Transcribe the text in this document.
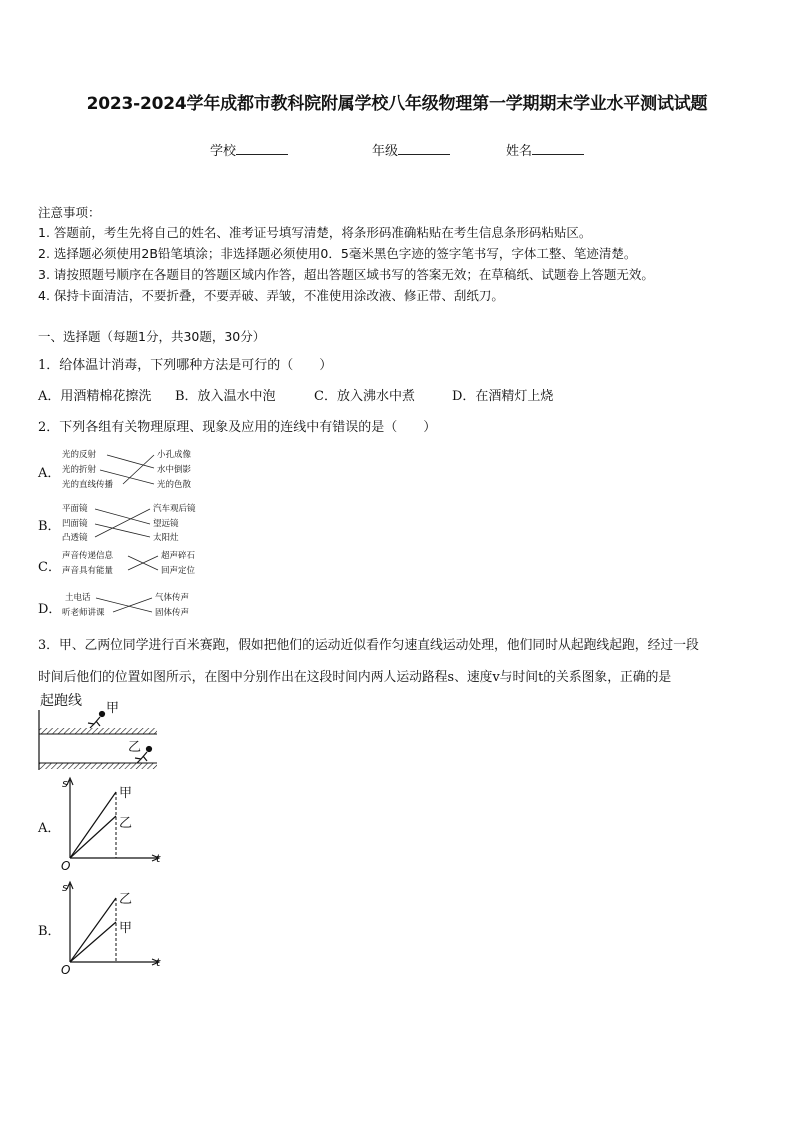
2023-2024学年成都市教科院附属学校八年级物理第一学期期末学业水平测试试题
学校	年级	姓名
注意事项：
1. 答题前，考生先将自己的姓名、准考证号填写清楚，将条形码准确粘贴在考生信息条形码粘贴区。
2. 选择题必须使用2B铅笔填涂；非选择题必须使用0．5毫米黑色字迹的签字笔书写，字体工整、笔迹清楚。
3. 请按照题号顺序在各题目的答题区域内作答，超出答题区域书写的答案无效；在草稿纸、试题卷上答题无效。
4. 保持卡面清洁，不要折叠，不要弄破、弄皱，不准使用涂改液、修正带、刮纸刀。
一、选择题（每题1分，共30题，30分）
1．给体温计消毒，下列哪种方法是可行的（　　）
A．用酒精棉花擦洗 B．放入温水中泡	C．放入沸水中煮	D．在酒精灯上烧
2．下列各组有关物理原理、现象及应用的连线中有错误的是（　　）
A．
光的反射
光的折射
光的直线传播
小孔成像
水中倒影
光的色散
B．
平面镜
凹面镜
凸透镜
汽车观后镜
望远镜
太阳灶
C．
声音传递信息
声音具有能量
超声碎石
回声定位
D．
土电话
听老师讲课
气体传声
固体传声
3．甲、乙两位同学进行百米赛跑，假如把他们的运动近似看作匀速直线运动处理，他们同时从起跑线起跑，经过一段
时间后他们的位置如图所示，在图中分别作出在这段时间内两人运动路程s、速度v与时间t的关系图象，正确的是
起跑线 甲
乙
A．
s
t
O
甲
乙
B．
s
t
O
乙
甲
